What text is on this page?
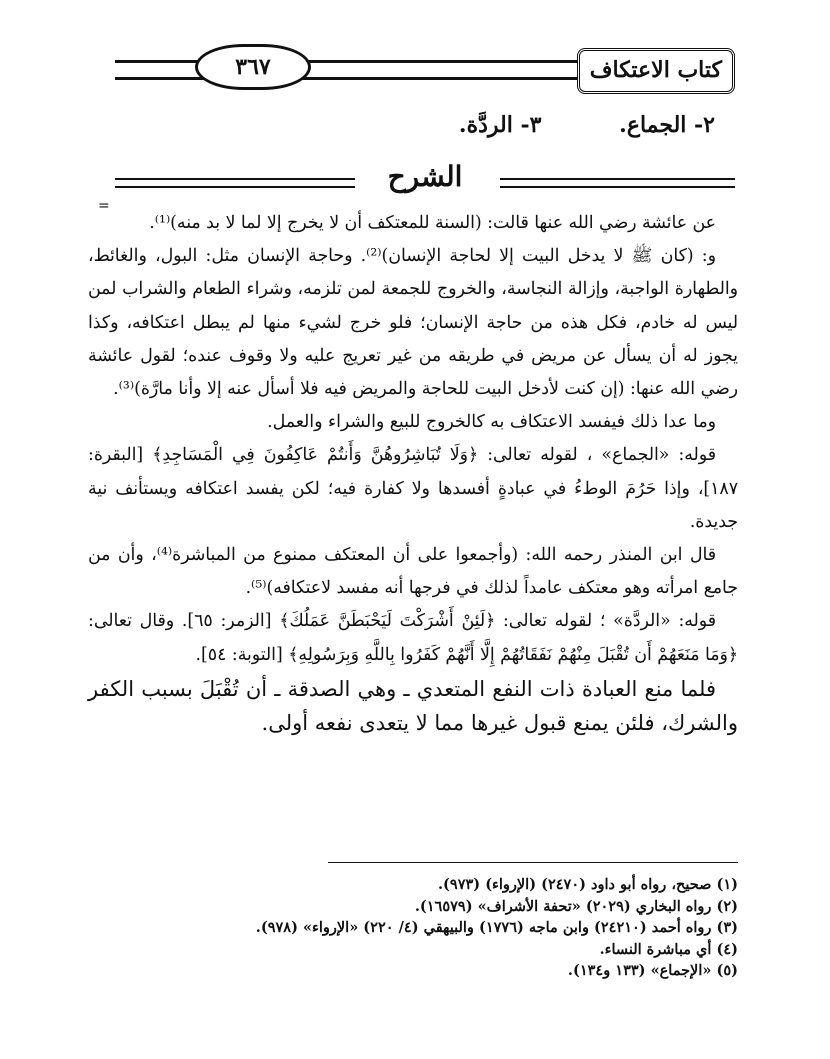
٣٦٧	كتاب الاعتكاف
٢- الجماع. ٣- الردَّة.
الشرح
=

عن عائشة رضي الله عنها قالت: (السنة للمعتكف أن لا يخرج إلا لما لا بد منه)⁽¹⁾.

و: (كان ﷺ لا يدخل البيت إلا لحاجة الإنسان)⁽²⁾. وحاجة الإنسان مثل: البول، والغائط، والطهارة الواجبة، وإزالة النجاسة، والخروج للجمعة لمن تلزمه، وشراء الطعام والشراب لمن ليس له خادم، فكل هذه من حاجة الإنسان؛ فلو خرج لشيء منها لم يبطل اعتكافه، وكذا يجوز له أن يسأل عن مريض في طريقه من غير تعريج عليه ولا وقوف عنده؛ لقول عائشة رضي الله عنها: (إن كنت لأدخل البيت للحاجة والمريض فيه فلا أسأل عنه إلا وأنا مارَّة)⁽³⁾.

وما عدا ذلك فيفسد الاعتكاف به كالخروج للبيع والشراء والعمل.

قوله: «الجماع» ، لقوله تعالى: ﴿وَلَا تُبَاشِرُوهُنَّ وَأَنتُمْ عَاكِفُونَ فِي الْمَسَاجِدِ﴾ [البقرة: ١٨٧]، وإذا حَرُمَ الوطءُ في عبادةٍ أفسدها ولا كفارة فيه؛ لكن يفسد اعتكافه ويستأنف نية جديدة.

قال ابن المنذر رحمه الله: (وأجمعوا على أن المعتكف ممنوع من المباشرة⁽⁴⁾، وأن من جامع امرأته وهو معتكف عامداً لذلك في فرجها أنه مفسد لاعتكافه)⁽⁵⁾.

قوله: «الردَّة» ؛ لقوله تعالى: ﴿لَئِنْ أَشْرَكْتَ لَيَحْبَطَنَّ عَمَلُكَ﴾ [الزمر: ٦٥]. وقال تعالى: ﴿وَمَا مَنَعَهُمْ أَن تُقْبَلَ مِنْهُمْ نَفَقَاتُهُمْ إِلَّا أَنَّهُمْ كَفَرُوا بِاللَّهِ وَبِرَسُولِهِ﴾ [التوبة: ٥٤].

فلما منع العبادة ذات النفع المتعدي ـ وهي الصدقة ـ أن تُقْبَلَ بسبب الكفر والشرك، فلئن يمنع قبول غيرها مما لا يتعدى نفعه أولى.

(١) صحيح، رواه أبو داود (٢٤٧٠) (الإرواء) (٩٧٣).
(٢) رواه البخاري (٢٠٢٩) «تحفة الأشراف» (١٦٥٧٩).
(٣) رواه أحمد (٢٤٢١٠) وابن ماجه (١٧٧٦) والبيهقي (٤/ ٢٢٠) «الإرواء» (٩٧٨).
(٤) أي مباشرة النساء.
(٥) «الإجماع» (١٣٣ و١٣٤).
